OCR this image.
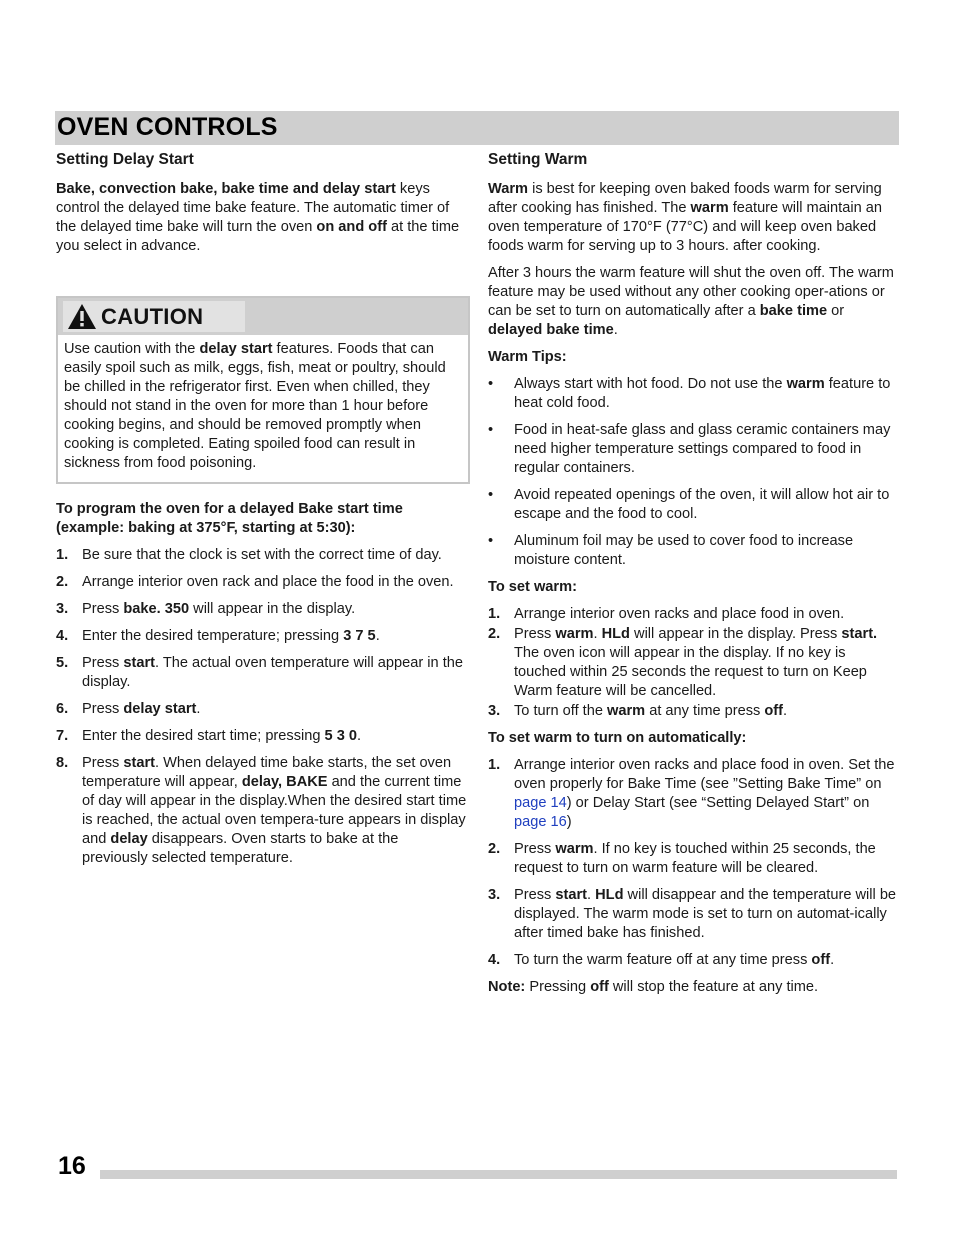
OVEN CONTROLS
Setting Delay Start

Bake, convection bake, bake time and delay start keys control the delayed time bake feature. The automatic timer of the delayed time bake will turn the oven on and off at the time you select in advance.

CAUTION
Use caution with the delay start features. Foods that can easily spoil such as milk, eggs, fish, meat or poultry, should be chilled in the refrigerator first. Even when chilled, they should not stand in the oven for more than 1 hour before cooking begins, and should be removed promptly when cooking is completed. Eating spoiled food can result in sickness from food poisoning.

To program the oven for a delayed Bake start time (example: baking at 375°F, starting at 5:30):

1. Be sure that the clock is set with the correct time of day.
2. Arrange interior oven rack and place the food in the oven.
3. Press bake. 350 will appear in the display.
4. Enter the desired temperature; pressing 3 7 5.
5. Press start. The actual oven temperature will appear in the display.
6. Press delay start.
7. Enter the desired start time; pressing 5 3 0.
8. Press start. When delayed time bake starts, the set oven temperature will appear, delay, BAKE and the current time of day will appear in the display.When the desired start time is reached, the actual oven tempera-ture appears in display and delay disappears. Oven starts to bake at the previously selected temperature.
Setting Warm

Warm is best for keeping oven baked foods warm for serving after cooking has finished. The warm feature will maintain an oven temperature of 170°F (77°C) and will keep oven baked foods warm for serving up to 3 hours. after cooking.

After 3 hours the warm feature will shut the oven off. The warm feature may be used without any other cooking oper-ations or can be set to turn on automatically after a bake time or delayed bake time.

Warm Tips:

• Always start with hot food. Do not use the warm feature to heat cold food.
• Food in heat-safe glass and glass ceramic containers may need higher temperature settings compared to food in regular containers.
• Avoid repeated openings of the oven, it will allow hot air to escape and the food to cool.
• Aluminum foil may be used to cover food to increase moisture content.

To set warm:

1. Arrange interior oven racks and place food in oven.
2. Press warm. HLd will appear in the display. Press start. The oven icon will appear in the display. If no key is touched within 25 seconds the request to turn on Keep Warm feature will be cancelled.
3. To turn off the warm at any time press off.

To set warm to turn on automatically:

1. Arrange interior oven racks and place food in oven. Set the oven properly for Bake Time (see ”Setting Bake Time” on page 14) or Delay Start (see “Setting Delayed Start” on page 16)
2. Press warm. If no key is touched within 25 seconds, the request to turn on warm feature will be cleared.
3. Press start. HLd will disappear and the temperature will be displayed. The warm mode is set to turn on automat-ically after timed bake has finished.
4. To turn the warm feature off at any time press off.

Note: Pressing off will stop the feature at any time.

16
